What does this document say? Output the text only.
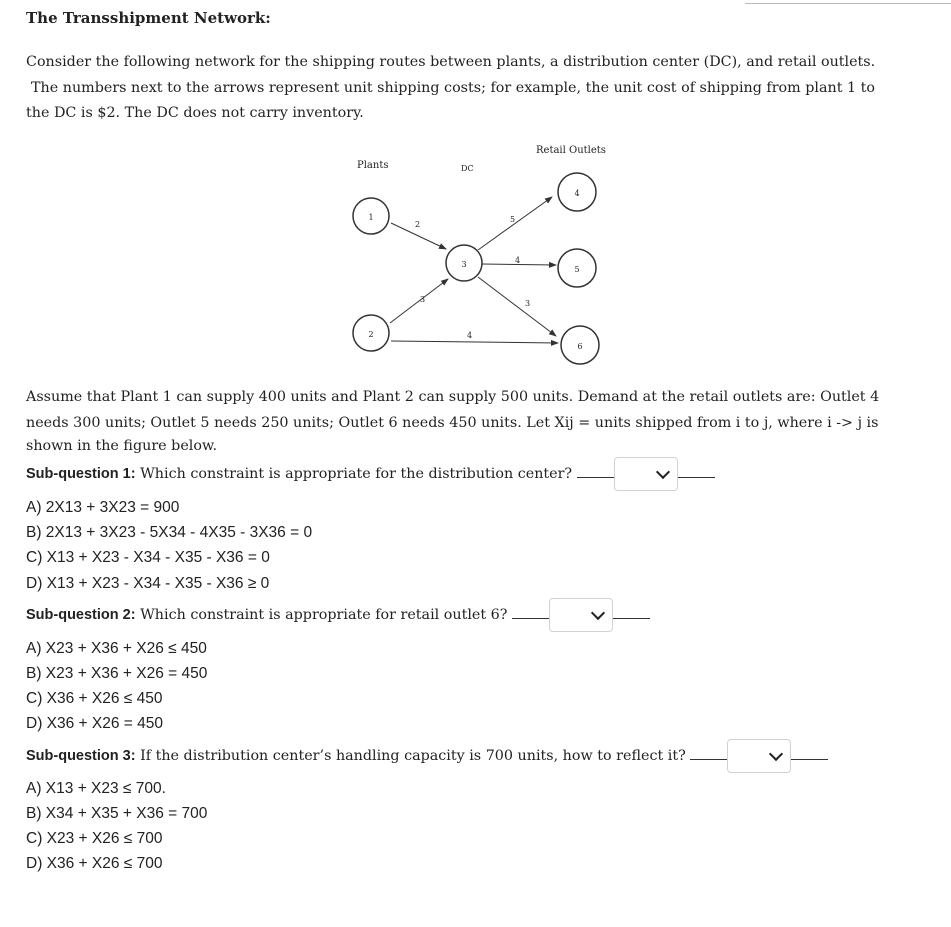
The Transshipment Network:
Consider the following network for the shipping routes between plants, a distribution center (DC), and retail outlets.
The numbers next to the arrows represent unit shipping costs; for example, the unit cost of shipping from plant 1 to
the DC is $2. The DC does not carry inventory.
Plants	DC
Retail Outlets
1
2
3
4
5
6
2
3
5
4
3
4
Assume that Plant 1 can supply 400 units and Plant 2 can supply 500 units. Demand at the retail outlets are: Outlet 4
needs 300 units; Outlet 5 needs 250 units; Outlet 6 needs 450 units. Let Xij = units shipped from i to j, where i -> j is
shown in the figure below.
Sub-question 1: Which constraint is appropriate for the distribution center?
A) 2X13 + 3X23 = 900
B) 2X13 + 3X23 - 5X34 - 4X35 - 3X36 = 0
C) X13 + X23 - X34 - X35 - X36 = 0
D) X13 + X23 - X34 - X35 - X36 ≥ 0
Sub-question 2: Which constraint is appropriate for retail outlet 6?
A) X23 + X36 + X26 ≤ 450
B) X23 + X36 + X26 = 450
C) X36 + X26 ≤ 450
D) X36 + X26 = 450
Sub-question 3: If the distribution center’s handling capacity is 700 units, how to reflect it?
A) X13 + X23 ≤ 700.
B) X34 + X35 + X36 = 700
C) X23 + X26 ≤ 700
D) X36 + X26 ≤ 700
